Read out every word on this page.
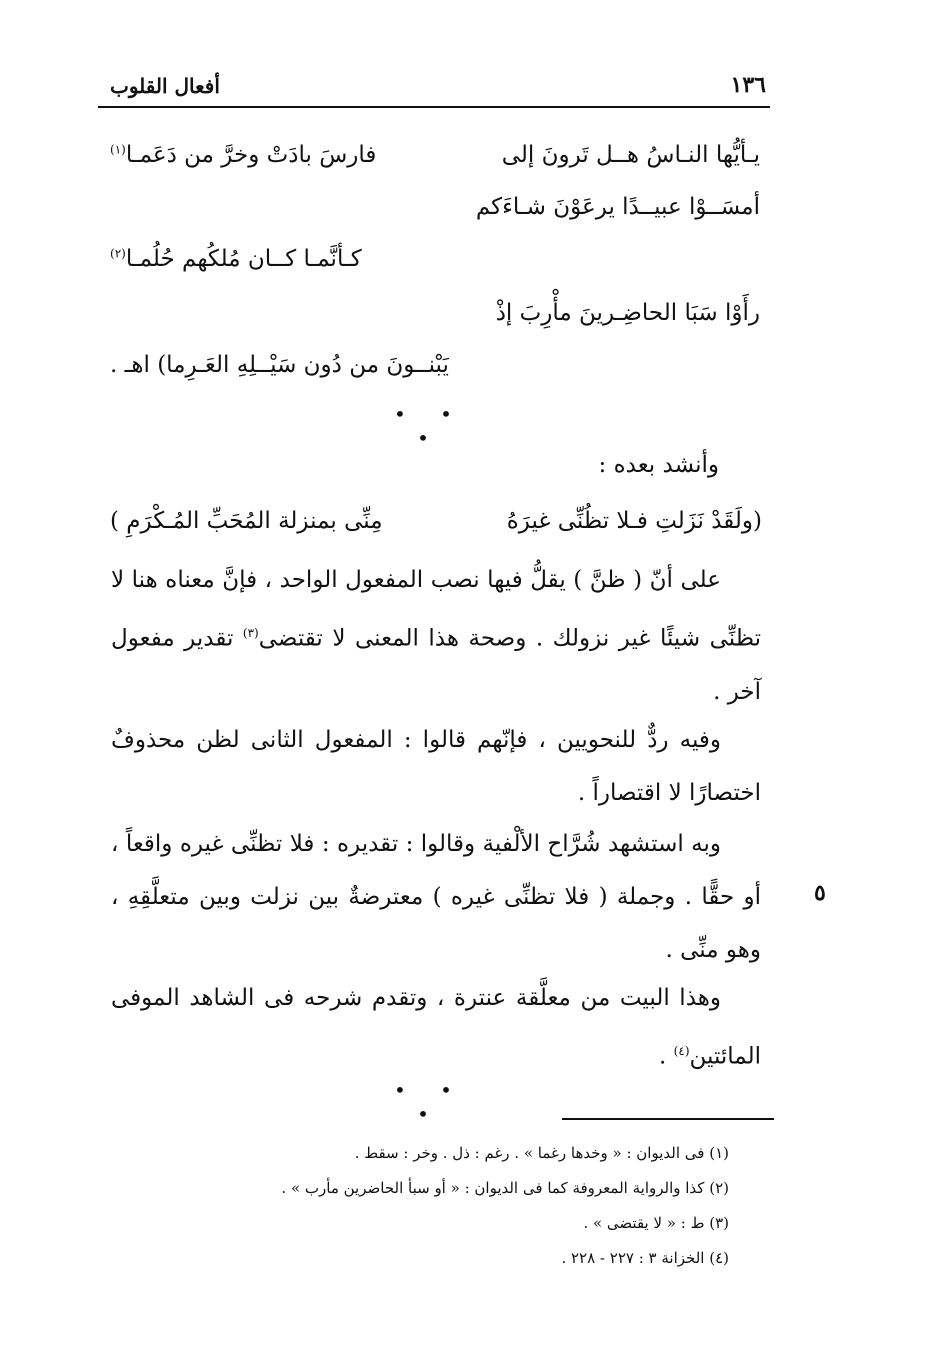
١٣٦
أفعال القلوب
يـأيُّها النـاسُ هــل تَرونَ إلى
فارسَ بادَتْ وخرَّ من دَعَمـا$^{(١)}$
أمسَــوْا عبيــدًا يرعَوْنَ شـاءَكم
كـأنَّمـا كــان مُلكُهم حُلُمـا$^{(٢)}$
رأَوْا سَبَا الحاضِـرينَ مأْرِبَ إذْ
يَبْنــونَ من دُون سَيْــلِهِ العَـرِما) اهـ .
• • •
وأنشد بعده :
(ولَقَدْ نَزَلتِ فـلا تظُنِّى غيرَهُ
مِنِّى بمنزلة المُحَبِّ المُـكْرَمِ )
على أنّ ( ظنَّ ) يقلُّ فيها نصب المفعول الواحد ، فإنَّ معناه هنا لا تظنِّى شيئًا غير نزولك . وصحة هذا المعنى لا تقتضى$^{(٣)}$ تقدير مفعول آخر .
وفيه ردٌّ للنحويين ، فإنّهم قالوا : المفعول الثانى لظن محذوفٌ اختصارًا لا اقتصاراً .
وبه استشهد شُرَّاح الألْفية وقالوا : تقديره : فلا تظنِّى غيره واقعاً ، أو حقًّا . وجملة ( فلا تظنِّى غيره ) معترضةٌ بين نزلت وبين متعلَّقِهِ ، وهو منِّى .
٥
وهذا البيت من معلَّقة عنترة ، وتقدم شرحه فى الشاهد الموفى المائتين$^{(٤)}$ .
• • •
(١) فى الديوان : « وخدها رغما » . رغم : ذل . وخر : سقط .
(٢) كذا والرواية المعروفة كما فى الديوان : « أو سبأ الحاضرين مأرب » .
(٣) ط : « لا يقتضى » .
(٤) الخزانة ٣ : ٢٢٧ - ٢٢٨ .
